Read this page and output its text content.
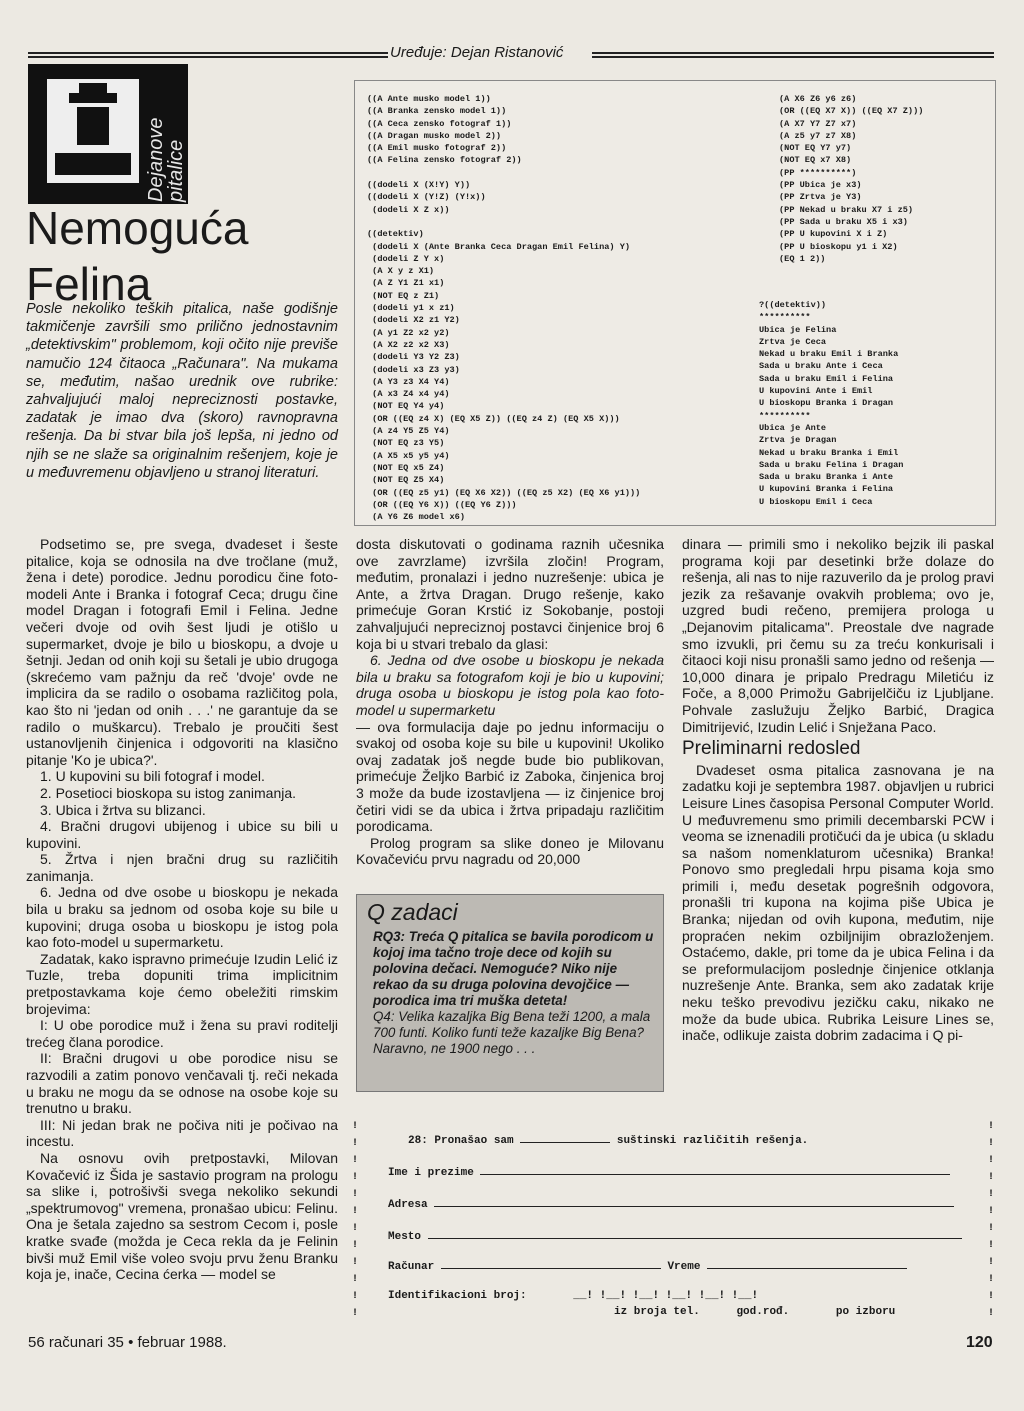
Uređuje: Dejan Ristanović
Dejanove pitalice
Nemoguća
Felina

Posle nekoliko teških pitalica, naše godišnje takmičenje završili smo prilično jednostavnim „detektivskim" problemom, koji očito nije previše namučio 124 čitaoca „Računara". Na mukama se, međutim, našao urednik ove rubrike: zahvaljujući maloj nepreciznosti postavke, zadatak je imao dva (skoro) ravnopravna rešenja. Da bi stvar bila još lepša, ni jedno od njih se ne slaže sa originalnim rešenjem, koje je u međuvremenu objavljeno u stranoj literaturi.

Podsetimo se, pre svega, dvadeset i šeste pitalice, koja se odnosila na dve tročlane (muž, žena i dete) porodice. Jednu porodicu čine foto-modeli Ante i Branka i fotograf Ceca; drugu čine model Dragan i fotografi Emil i Felina. Jedne večeri dvoje od ovih šest ljudi je otišlo u supermarket, dvoje je bilo u bioskopu, a dvoje u šetnji. Jedan od onih koji su šetali je ubio drugoga (skrećemo vam pažnju da reč 'dvoje' ovde ne implicira da se radilo o osobama različitog pola, kao što ni 'jedan od onih . . .' ne garantuje da se radilo o muškarcu). Trebalo je proučiti šest ustanovljenih činjenica i odgovoriti na klasično pitanje 'Ko je ubica?'.

1. U kupovini su bili fotograf i model.

2. Posetioci bioskopa su istog zanimanja.

3. Ubica i žrtva su blizanci.

4. Bračni drugovi ubijenog i ubice su bili u kupovini.

5. Žrtva i njen bračni drug su različitih zanimanja.

6. Jedna od dve osobe u bioskopu je nekada bila u braku sa jednom od osoba koje su bile u kupovini; druga osoba u bioskopu je istog pola kao foto-model u supermarketu.

Zadatak, kako ispravno primećuje Izudin Lelić iz Tuzle, treba dopuniti trima implicitnim pretpostavkama koje ćemo obeležiti rimskim brojevima:

I: U obe porodice muž i žena su pravi roditelji trećeg člana porodice.

II: Bračni drugovi u obe porodice nisu se razvodili a zatim ponovo venčavali tj. reči nekada u braku ne mogu da se odnose na osobe koje su trenutno u braku.

III: Ni jedan brak ne počiva niti je počivao na incestu.

Na osnovu ovih pretpostavki, Milovan Kovačević iz Šida je sastavio program na prologu sa slike i, potrošivši svega nekoliko sekundi „spektrumovog" vremena, pronašao ubicu: Felinu. Ona je šetala zajedno sa sestrom Cecom i, posle kratke svađe (možda je Ceca rekla da je Felinin bivši muž Emil više voleo svoju prvu ženu Branku koja je, inače, Cecina ćerka — model se

((A Ante musko model 1))
((A Branka zensko model 1))
((A Ceca zensko fotograf 1))
((A Dragan musko model 2))
((A Emil musko fotograf 2))
((A Felina zensko fotograf 2))

((dodeli X (X!Y) Y))
((dodeli X (Y!Z) (Y!x))
(dodeli X Z x))

((detektiv)
(dodeli X (Ante Branka Ceca Dragan Emil Felina) Y)
(dodeli Z Y x)
(A X y z X1)
(A Z Y1 Z1 x1)
(NOT EQ z Z1)
(dodeli y1 x z1)
(dodeli X2 z1 Y2)
(A y1 Z2 x2 y2)
(A X2 z2 x2 X3)
(dodeli Y3 Y2 Z3)
(dodeli x3 Z3 y3)
(A Y3 z3 X4 Y4)
(A x3 Z4 x4 y4)
(NOT EQ Y4 y4)
(OR ((EQ z4 X) (EQ X5 Z)) ((EQ z4 Z) (EQ X5 X)))
(A z4 Y5 Z5 Y4)
(NOT EQ z3 Y5)
(A X5 x5 y5 y4)
(NOT EQ x5 Z4)
(NOT EQ Z5 X4)
(OR ((EQ z5 y1) (EQ X6 X2)) ((EQ z5 X2) (EQ X6 y1)))
(OR ((EQ Y6 X)) ((EQ Y6 Z)))
(A Y6 Z6 model x6)
(A X6 Z6 y6 z6)
(OR ((EQ X7 X)) ((EQ X7 Z)))
(A X7 Y7 Z7 x7)
(A z5 y7 z7 X8)
(NOT EQ Y7 y7)
(NOT EQ x7 X8)
(PP **********)
(PP Ubica je x3)
(PP Zrtva je Y3)
(PP Nekad u braku X7 i z5)
(PP Sada u braku X5 i x3)
(PP U kupovini X i Z)
(PP U bioskopu y1 i X2)
(EQ 1 2))
?((detektiv))
**********
Ubica je Felina
Zrtva je Ceca
Nekad u braku Emil i Branka
Sada u braku Ante i Ceca
Sada u braku Emil i Felina
U kupovini Ante i Emil
U bioskopu Branka i Dragan
**********
Ubica je Ante
Zrtva je Dragan
Nekad u braku Branka i Emil
Sada u braku Felina i Dragan
Sada u braku Branka i Ante
U kupovini Branka i Felina
U bioskopu Emil i Ceca

dosta diskutovati o godinama raznih učesnika ove zavrzlame) izvršila zločin! Program, međutim, pronalazi i jedno nuzrešenje: ubica je Ante, a žrtva Dragan. Drugo rešenje, kako primećuje Goran Krstić iz Sokobanje, postoji zahvaljujući nepreciznoj postavci činjenice broj 6 koja bi u stvari trebalo da glasi:

6. Jedna od dve osobe u bioskopu je nekada bila u braku sa fotografom koji je bio u kupovini; druga osoba u bioskopu je istog pola kao foto-model u supermarketu

— ova formulacija daje po jednu informaciju o svakoj od osoba koje su bile u kupovini! Ukoliko ovaj zadatak još negde bude bio publikovan, primećuje Željko Barbić iz Zaboka, činjenica broj 3 može da bude izostavljena — iz činjenice broj četiri vidi se da ubica i žrtva pripadaju različitim porodicama.

Prolog program sa slike doneo je Milovanu Kovačeviću prvu nagradu od 20,000

Q zadaci
RQ3: Treća Q pitalica se bavila porodicom u kojoj ima tačno troje dece od kojih su polovina dečaci. Nemoguće? Niko nije rekao da su druga polovina devojčice — porodica ima tri muška deteta!
Q4: Velika kazaljka Big Bena teži 1200, a mala 700 funti. Koliko funti teže kazaljke Big Bena? Naravno, ne 1900 nego . . .

dinara — primili smo i nekoliko bejzik ili paskal programa koji par desetinki brže dolaze do rešenja, ali nas to nije razuverilo da je prolog pravi jezik za rešavanje ovakvih problema; ovo je, uzgred budi rečeno, premijera prologa u „Dejanovim pitalicama". Preostale dve nagrade smo izvukli, pri čemu su za treću konkurisali i čitaoci koji nisu pronašli samo jedno od rešenja — 10,000 dinara je pripalo Predragu Miletiću iz Foče, a 8,000 Primožu Gabrijelčiču iz Ljubljane. Pohvale zaslužuju Željko Barbić, Dragica Dimitrijević, Izudin Lelić i Snježana Paco.

Preliminarni redosled

Dvadeset osma pitalica zasnovana je na zadatku koji je septembra 1987. objavljen u rubrici Leisure Lines časopisa Personal Computer World. U međuvremenu smo primili decembarski PCW i veoma se iznenadili protičući da je ubica (u skladu sa našom nomenklaturom učesnika) Branka! Ponovo smo pregledali hrpu pisama koja smo primili i, među desetak pogrešnih odgovora, pronašli tri kupona na kojima piše Ubica je Branka; nijedan od ovih kupona, međutim, nije propraćen nekim ozbiljnijim obrazloženjem. Ostaćemo, dakle, pri tome da je ubica Felina i da se preformulacijom poslednje činjenice otklanja nuzrešenje Ante. Branka, sem ako zadatak krije neku teško prevodivu jezičku caku, nikako ne može da bude ubica. Rubrika Leisure Lines se, inače, odlikuje zaista dobrim zadacima i Q pi-

!
!
!
!
!
!
!
!
!
!
!
!
!
!
!
!
!
!
!
!
!
!
!
!
28: Pronašao sam	suštinski različitih rešenja.
Ime i prezime
Adresa
Mesto
Računar	Vreme
Identifikacioni broj:	__! !__! !__! !__! !__! !__!
iz broja tel.	god.rođ.	po izboru
56 računari 35 • februar 1988.	120
